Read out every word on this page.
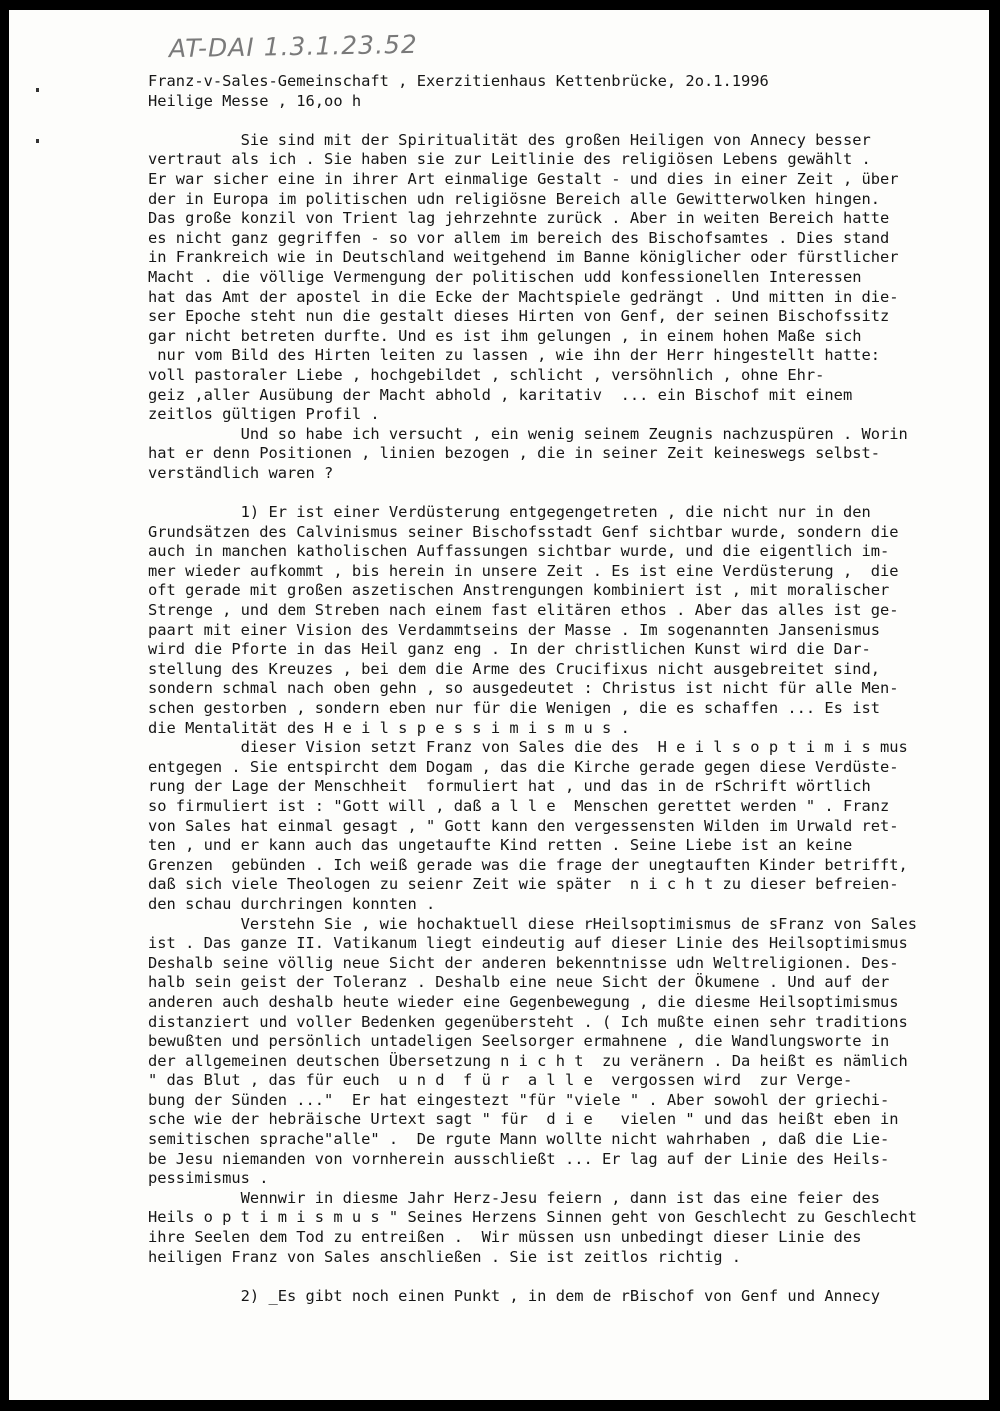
AT-DAI 1.3.1.23.52
Franz-v-Sales-Gemeinschaft , Exerzitienhaus Kettenbrücke, 2o.1.1996
Heilige Messe , 16,oo h
Sie sind mit der Spiritualität des großen Heiligen von Annecy besser
vertraut als ich . Sie haben sie zur Leitlinie des religiösen Lebens gewählt .
Er war sicher eine in ihrer Art einmalige Gestalt - und dies in einer Zeit , über
der in Europa im politischen udn religiösne Bereich alle Gewitterwolken hingen.
Das große konzil von Trient lag jehrzehnte zurück . Aber in weiten Bereich hatte
es nicht ganz gegriffen - so vor allem im bereich des Bischofsamtes . Dies stand
in Frankreich wie in Deutschland weitgehend im Banne königlicher oder fürstlicher
Macht . die völlige Vermengung der politischen udd konfessionellen Interessen
hat das Amt der apostel in die Ecke der Machtspiele gedrängt . Und mitten in die-
ser Epoche steht nun die gestalt dieses Hirten von Genf, der seinen Bischofssitz
gar nicht betreten durfte. Und es ist ihm gelungen , in einem hohen Maße sich
nur vom Bild des Hirten leiten zu lassen , wie ihn der Herr hingestellt hatte:
voll pastoraler Liebe , hochgebildet , schlicht , versöhnlich , ohne Ehr-
geiz ,aller Ausübung der Macht abhold , karitativ  ... ein Bischof mit einem
zeitlos gültigen Profil .
Und so habe ich versucht , ein wenig seinem Zeugnis nachzuspüren . Worin
hat er denn Positionen , linien bezogen , die in seiner Zeit keineswegs selbst-
verständlich waren ?
1) Er ist einer Verdüsterung entgegengetreten , die nicht nur in den
Grundsätzen des Calvinismus seiner Bischofsstadt Genf sichtbar wurde, sondern die
auch in manchen katholischen Auffassungen sichtbar wurde, und die eigentlich im-
mer wieder aufkommt , bis herein in unsere Zeit . Es ist eine Verdüsterung ,  die
oft gerade mit großen aszetischen Anstrengungen kombiniert ist , mit moralischer
Strenge , und dem Streben nach einem fast elitären ethos . Aber das alles ist ge-
paart mit einer Vision des Verdammtseins der Masse . Im sogenannten Jansenismus
wird die Pforte in das Heil ganz eng . In der christlichen Kunst wird die Dar-
stellung des Kreuzes , bei dem die Arme des Crucifixus nicht ausgebreitet sind,
sondern schmal nach oben gehn , so ausgedeutet : Christus ist nicht für alle Men-
schen gestorben , sondern eben nur für die Wenigen , die es schaffen ... Es ist
die Mentalität des H e i l s p e s s i m i s m u s .
dieser Vision setzt Franz von Sales die des  H e i l s o p t i m i s mus
entgegen . Sie entspircht dem Dogam , das die Kirche gerade gegen diese Verdüste-
rung der Lage der Menschheit  formuliert hat , und das in de rSchrift wörtlich
so firmuliert ist : "Gott will , daß a l l e  Menschen gerettet werden " . Franz
von Sales hat einmal gesagt , " Gott kann den vergessensten Wilden im Urwald ret-
ten , und er kann auch das ungetaufte Kind retten . Seine Liebe ist an keine
Grenzen  gebünden . Ich weiß gerade was die frage der unegtauften Kinder betrifft,
daß sich viele Theologen zu seienr Zeit wie später  n i c h t zu dieser befreien-
den schau durchringen konnten .
Verstehn Sie , wie hochaktuell diese rHeilsoptimismus de sFranz von Sales
ist . Das ganze II. Vatikanum liegt eindeutig auf dieser Linie des Heilsoptimismus
Deshalb seine völlig neue Sicht der anderen bekenntnisse udn Weltreligionen. Des-
halb sein geist der Toleranz . Deshalb eine neue Sicht der Ökumene . Und auf der
anderen auch deshalb heute wieder eine Gegenbewegung , die diesme Heilsoptimismus
distanziert und voller Bedenken gegenübersteht . ( Ich mußte einen sehr traditions
bewußten und persönlich untadeligen Seelsorger ermahnene , die Wandlungsworte in
der allgemeinen deutschen Übersetzung n i c h t  zu veränern . Da heißt es nämlich
" das Blut , das für euch  u n d  f ü r  a l l e  vergossen wird  zur Verge-
bung der Sünden ..."  Er hat eingestezt "für "viele " . Aber sowohl der griechi-
sche wie der hebräische Urtext sagt " für  d i e   vielen " und das heißt eben in
semitischen sprache"alle" .  De rgute Mann wollte nicht wahrhaben , daß die Lie-
be Jesu niemanden von vornherein ausschließt ... Er lag auf der Linie des Heils-
pessimismus .
Wennwir in diesme Jahr Herz-Jesu feiern , dann ist das eine feier des
Heils o p t i m i s m u s " Seines Herzens Sinnen geht von Geschlecht zu Geschlecht
ihre Seelen dem Tod zu entreißen .  Wir müssen usn unbedingt dieser Linie des
heiligen Franz von Sales anschließen . Sie ist zeitlos richtig .
2) _Es gibt noch einen Punkt , in dem de rBischof von Genf und Annecy
